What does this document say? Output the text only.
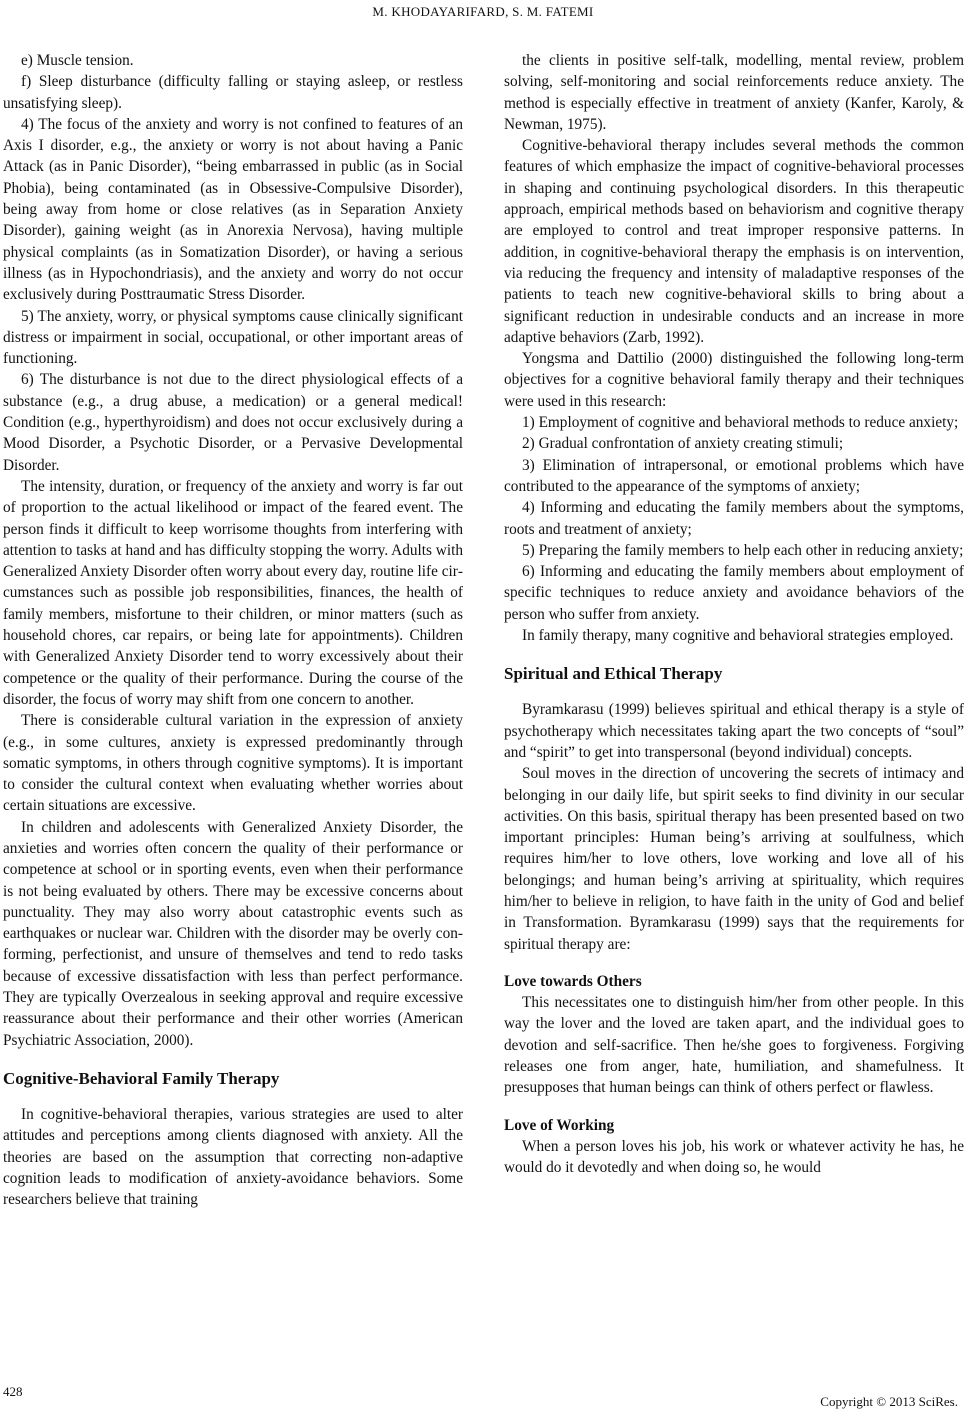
M. KHODAYARIFARD, S. M. FATEMI

e) Muscle tension.

f) Sleep disturbance (difficulty falling or staying asleep, or restless unsatisfying sleep).

4) The focus of the anxiety and worry is not confined to features of an Axis I disorder, e.g., the anxiety or worry is not about having a Panic Attack (as in Panic Disorder), “being embarrassed in public (as in Social Phobia), being contaminated (as in Obsessive-Compulsive Disorder), being away from home or close relatives (as in Separation Anxiety Disorder), gaining weight (as in Anorexia Nervosa), having multiple physical complaints (as in Somatization Disorder), or having a serious illness (as in Hypochondriasis), and the anxiety and worry do not occur exclusively during Posttraumatic Stress Disorder.

5) The anxiety, worry, or physical symptoms cause clinically significant distress or impairment in social, occupational, or other important areas of functioning.

6) The disturbance is not due to the direct physiological effects of a substance (e.g., a drug abuse, a medication) or a general medical! Condition (e.g., hyperthyroidism) and does not occur exclusively during a Mood Disorder, a Psychotic Disorder, or a Pervasive Developmental Disorder.

The intensity, duration, or frequency of the anxiety and worry is far out of proportion to the actual likelihood or impact of the feared event. The person finds it difficult to keep worrisome thoughts from interfering with attention to tasks at hand and has difficulty stopping the worry. Adults with Generalized Anxiety Disorder often worry about every day, routine life circumstances such as possible job responsibilities, finances, the health of family members, misfortune to their children, or minor matters (such as household chores, car repairs, or being late for appointments). Children with Generalized Anxiety Disorder tend to worry excessively about their competence or the quality of their performance. During the course of the disorder, the focus of worry may shift from one concern to another.

There is considerable cultural variation in the expression of anxiety (e.g., in some cultures, anxiety is expressed predominantly through somatic symptoms, in others through cognitive symptoms). It is important to consider the cultural context when evaluating whether worries about certain situations are excessive.

In children and adolescents with Generalized Anxiety Disorder, the anxieties and worries often concern the quality of their performance or competence at school or in sporting events, even when their performance is not being evaluated by others. There may be excessive concerns about punctuality. They may also worry about catastrophic events such as earthquakes or nuclear war. Children with the disorder may be overly conforming, perfectionist, and unsure of themselves and tend to redo tasks because of excessive dissatisfaction with less than perfect performance. They are typically Overzealous in seeking approval and require excessive reassurance about their performance and their other worries (American Psychiatric Association, 2000).

Cognitive-Behavioral Family Therapy

In cognitive-behavioral therapies, various strategies are used to alter attitudes and perceptions among clients diagnosed with anxiety. All the theories are based on the assumption that correcting non-adaptive cognition leads to modification of anxiety-avoidance behaviors. Some researchers believe that training

the clients in positive self-talk, modelling, mental review, problem solving, self-monitoring and social reinforcements reduce anxiety. The method is especially effective in treatment of anxiety (Kanfer, Karoly, & Newman, 1975).

Cognitive-behavioral therapy includes several methods the common features of which emphasize the impact of cognitive-behavioral processes in shaping and continuing psychological disorders. In this therapeutic approach, empirical methods based on behaviorism and cognitive therapy are employed to control and treat improper responsive patterns. In addition, in cognitive-behavioral therapy the emphasis is on intervention, via reducing the frequency and intensity of maladaptive responses of the patients to teach new cognitive-behavioral skills to bring about a significant reduction in undesirable conducts and an increase in more adaptive behaviors (Zarb, 1992).

Yongsma and Dattilio (2000) distinguished the following long-term objectives for a cognitive behavioral family therapy and their techniques were used in this research:

1) Employment of cognitive and behavioral methods to reduce anxiety;

2) Gradual confrontation of anxiety creating stimuli;

3) Elimination of intrapersonal, or emotional problems which have contributed to the appearance of the symptoms of anxiety;

4) Informing and educating the family members about the symptoms, roots and treatment of anxiety;

5) Preparing the family members to help each other in reducing anxiety;

6) Informing and educating the family members about employment of specific techniques to reduce anxiety and avoidance behaviors of the person who suffer from anxiety.

In family therapy, many cognitive and behavioral strategies employed.

Spiritual and Ethical Therapy

Byramkarasu (1999) believes spiritual and ethical therapy is a style of psychotherapy which necessitates taking apart the two concepts of “soul” and “spirit” to get into transpersonal (beyond individual) concepts.

Soul moves in the direction of uncovering the secrets of intimacy and belonging in our daily life, but spirit seeks to find divinity in our secular activities. On this basis, spiritual therapy has been presented based on two important principles: Human being’s arriving at soulfulness, which requires him/her to love others, love working and love all of his belongings; and human being’s arriving at spirituality, which requires him/her to believe in religion, to have faith in the unity of God and belief in Transformation. Byramkarasu (1999) says that the requirements for spiritual therapy are:

Love towards Others

This necessitates one to distinguish him/her from other people. In this way the lover and the loved are taken apart, and the individual goes to devotion and self-sacrifice. Then he/she goes to forgiveness. Forgiving releases one from anger, hate, humiliation, and shamefulness. It presupposes that human beings can think of others perfect or flawless.

Love of Working

When a person loves his job, his work or whatever activity he has, he would do it devotedly and when doing so, he would

428
Copyright © 2013 SciRes.
